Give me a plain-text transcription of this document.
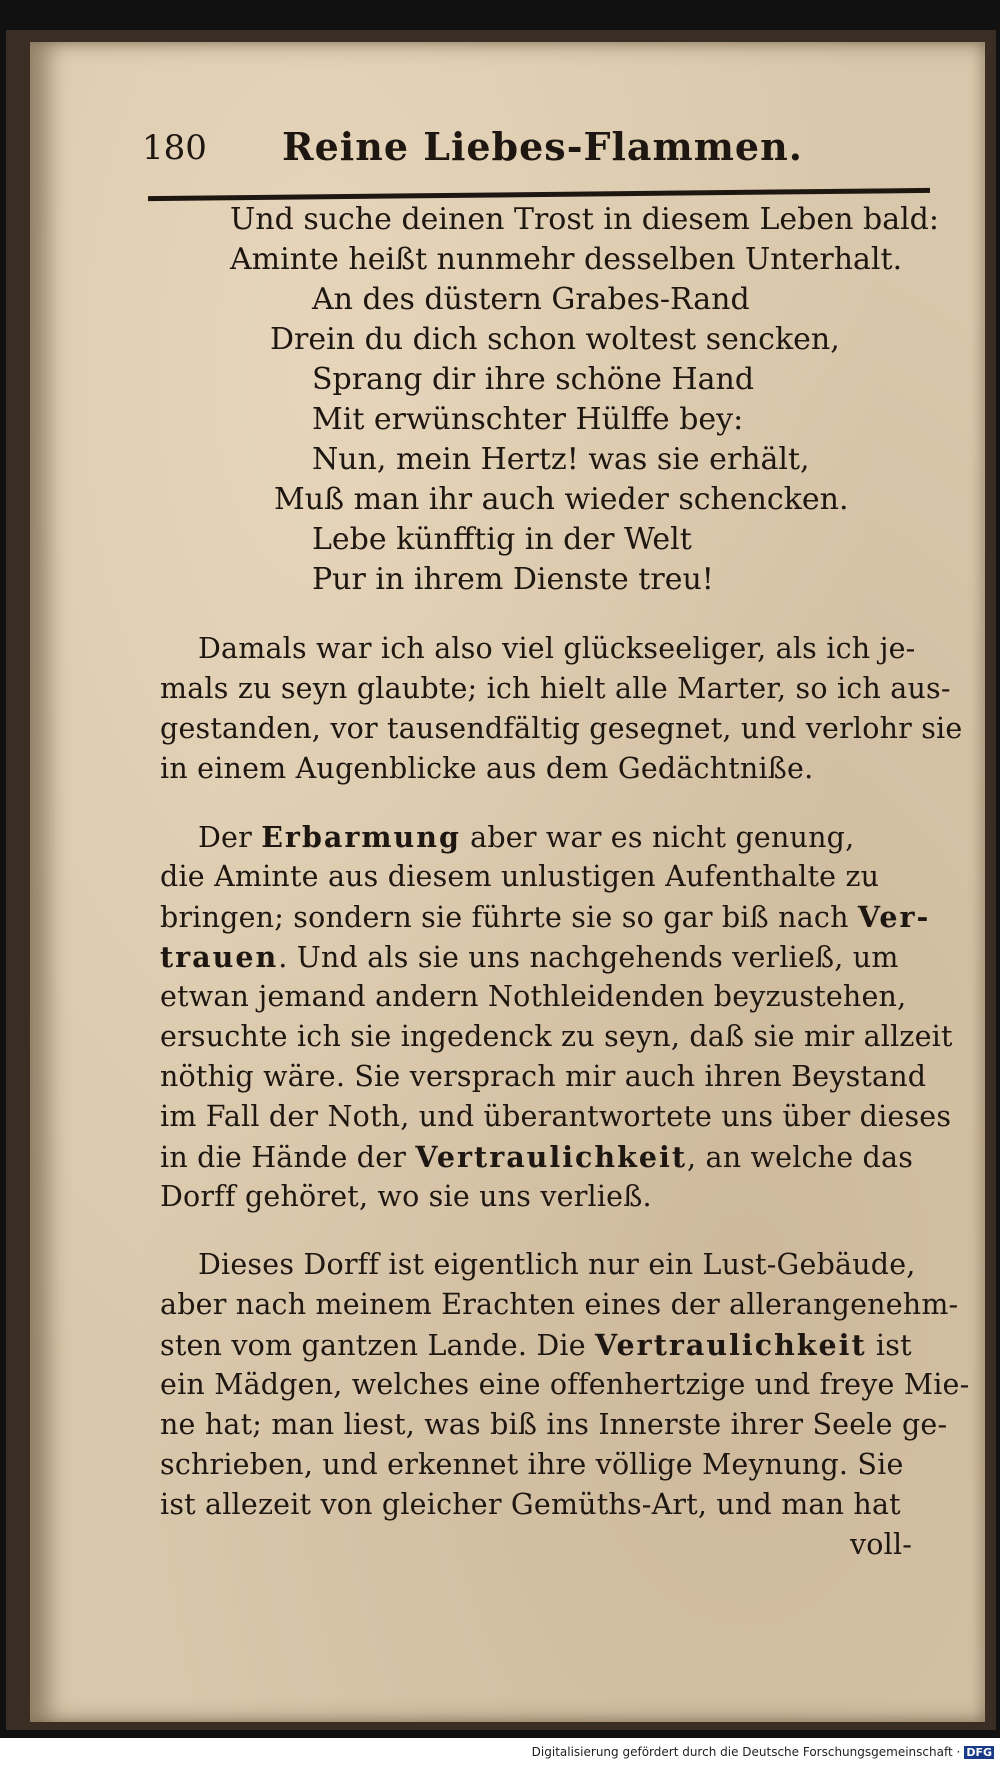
180 Reine Liebes-Flammen.
Und suche deinen Trost in diesem Leben bald:
Aminte heißt nunmehr desselben Unterhalt.
An des düstern Grabes-Rand
Drein du dich schon woltest sencken,
Sprang dir ihre schöne Hand
Mit erwünschter Hülffe bey:
Nun, mein Hertz! was sie erhält,
Muß man ihr auch wieder schencken.
Lebe künfftig in der Welt
Pur in ihrem Dienste treu!
Damals war ich also viel glückseeliger, als ich je-
mals zu seyn glaubte; ich hielt alle Marter, so ich aus-
gestanden, vor tausendfältig gesegnet, und verlohr sie
in einem Augenblicke aus dem Gedächtniße.
Der Erbarmung aber war es nicht genung,
die Aminte aus diesem unlustigen Aufenthalte zu
bringen; sondern sie führte sie so gar biß nach Ver-
trauen. Und als sie uns nachgehends verließ, um
etwan jemand andern Nothleidenden beyzustehen,
ersuchte ich sie ingedenck zu seyn, daß sie mir allzeit
nöthig wäre. Sie versprach mir auch ihren Beystand
im Fall der Noth, und überantwortete uns über dieses
in die Hände der Vertraulichkeit, an welche das
Dorff gehöret, wo sie uns verließ.
Dieses Dorff ist eigentlich nur ein Lust-Gebäude,
aber nach meinem Erachten eines der allerangenehm-
sten vom gantzen Lande. Die Vertraulichkeit ist
ein Mädgen, welches eine offenhertzige und freye Mie-
ne hat; man liest, was biß ins Innerste ihrer Seele ge-
schrieben, und erkennet ihre völlige Meynung. Sie
ist allezeit von gleicher Gemüths-Art, und man hat
voll-
Digitalisierung gefördert durch die Deutsche Forschungsgemeinschaft · DFG
